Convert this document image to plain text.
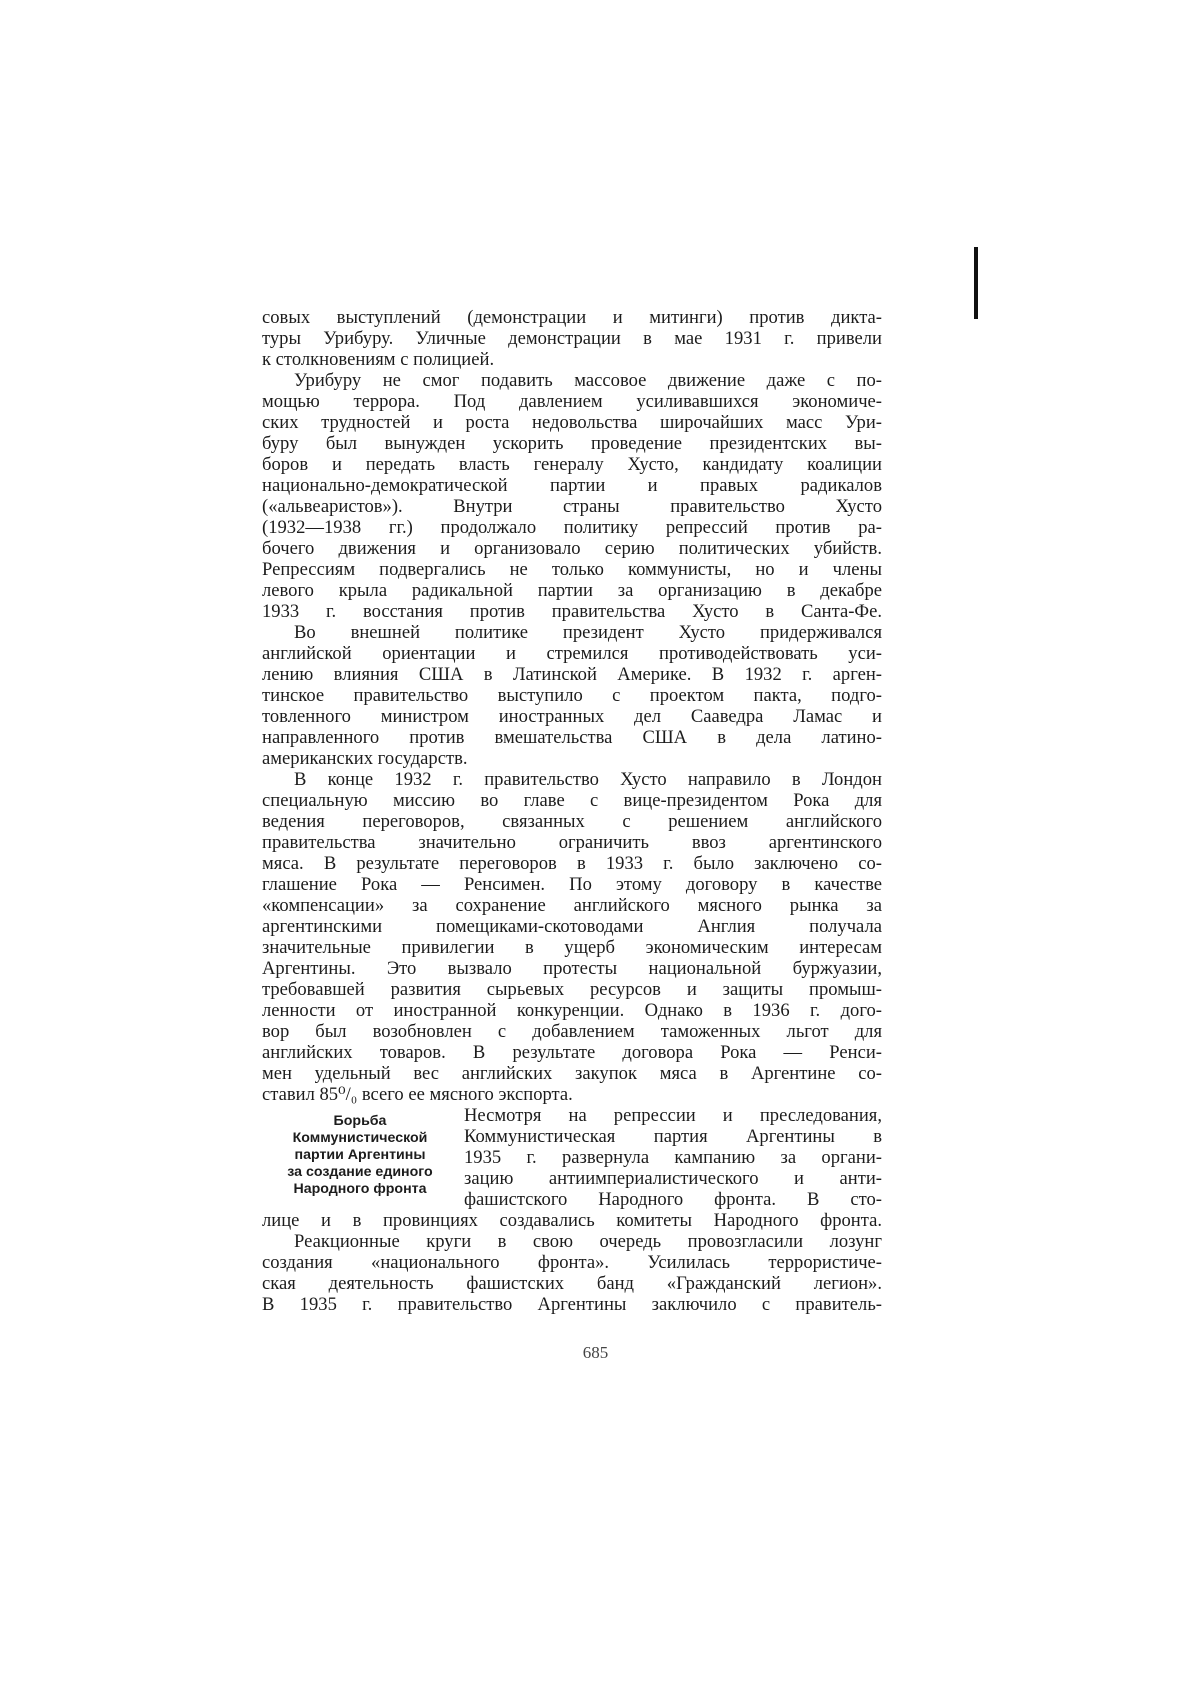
совых выступлений (демонстрации и митинги) против дикта-
туры Урибуру. Уличные демонстрации в мае 1931 г. привели
к столкновениям с полицией.
Урибуру не смог подавить массовое движение даже с по-
мощью террора. Под давлением усиливавшихся экономиче-
ских трудностей и роста недовольства широчайших масс Ури-
буру был вынужден ускорить проведение президентских вы-
боров и передать власть генералу Хусто, кандидату коалиции
национально-демократической партии и правых радикалов
(«альвеаристов»). Внутри страны правительство Хусто
(1932—1938 гг.) продолжало политику репрессий против ра-
бочего движения и организовало серию политических убийств.
Репрессиям подвергались не только коммунисты, но и члены
левого крыла радикальной партии за организацию в декабре
1933 г. восстания против правительства Хусто в Санта-Фе.
Во внешней политике президент Хусто придерживался
английской ориентации и стремился противодействовать уси-
лению влияния США в Латинской Америке. В 1932 г. арген-
тинское правительство выступило с проектом пакта, подго-
товленного министром иностранных дел Сааведра Ламас и
направленного против вмешательства США в дела латино-
американских государств.
В конце 1932 г. правительство Хусто направило в Лондон
специальную миссию во главе с вице-президентом Рока для
ведения переговоров, связанных с решением английского
правительства значительно ограничить ввоз аргентинского
мяса. В результате переговоров в 1933 г. было заключено со-
глашение Рока — Ренсимен. По этому договору в качестве
«компенсации» за сохранение английского мясного рынка за
аргентинскими помещиками-скотоводами Англия получала
значительные привилегии в ущерб экономическим интересам
Аргентины. Это вызвало протесты национальной буржуазии,
требовавшей развития сырьевых ресурсов и защиты промыш-
ленности от иностранной конкуренции. Однако в 1936 г. дого-
вор был возобновлен с добавлением таможенных льгот для
английских товаров. В результате договора Рока — Ренси-
мен удельный вес английских закупок мяса в Аргентине со-
ставил 85⁰/₀ всего ее мясного экспорта.
Борьба
Коммунистической
партии Аргентины
за создание единого
Народного фронта
Несмотря на репрессии и преследования,
Коммунистическая партия Аргентины в
1935 г. развернула кампанию за органи-
зацию антиимпериалистического и анти-
фашистского Народного фронта. В сто-
лице и в провинциях создавались комитеты Народного фронта.
Реакционные круги в свою очередь провозгласили лозунг
создания «национального фронта». Усилилась террористиче-
ская деятельность фашистских банд «Гражданский легион».
В 1935 г. правительство Аргентины заключило с правитель-
685
